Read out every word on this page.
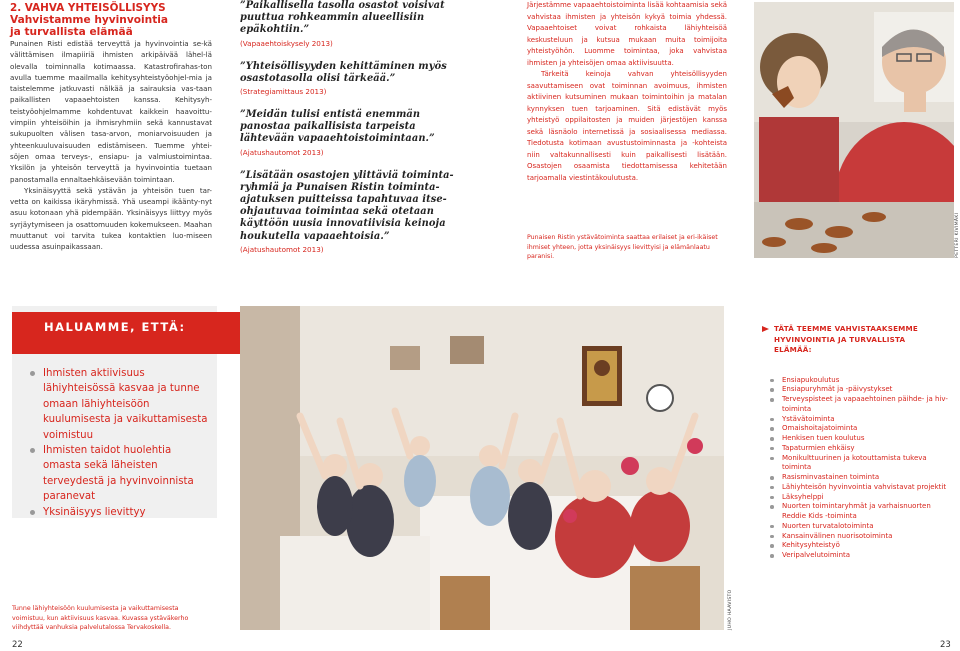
2. VAHVA YHTEISÖLLISYYS
Vahvistamme hyvinvointia
ja turvallista elämää

Punainen Risti edistää terveyttä ja hyvinvointia se-kä välittämisen ilmapiiriä ihmisten arkipäivää lähel-lä olevalla toiminnalla kotimaassa. Katastrofirahas-ton avulla tuemme maailmalla kehitysyhteistyöohjel-mia ja taistelemme jatkuvasti nälkää ja sairauksia vas-taan paikallisten vapaaehtoisten kanssa. Kehitysyh-teistyöohjelmamme kohdentuvat kaikkein haavoittu-vimpiin yhteisöihin ja ihmisryhmiin sekä kannustavat sukupuolten välisen tasa-arvon, moniarvoisuuden ja yhteenkuuluvaisuuden edistämiseen. Tuemme yhtei-söjen omaa terveys-, ensiapu- ja valmiustoimintaa. Yksilön ja yhteisön terveyttä ja hyvinvointia tuetaan panostamalla ennaltaehkäisevään toimintaan.

Yksinäisyyttä sekä ystävän ja yhteisön tuen tar-vetta on kaikissa ikäryhmissä. Yhä useampi ikäänty-nyt asuu kotonaan yhä pidempään. Yksinäisyys liittyy myös syrjäytymiseen ja osattomuuden kokemukseen. Maahan muuttanut voi tarvita tukea kontaktien luo-miseen uudessa asuinpaikassaan.

”Paikallisella tasolla osastot voisivat puuttua rohkeammin alueellisiin epäkohtiin.”
(Vapaaehtoiskysely 2013)
”Yhteisöllisyyden kehittäminen myös osastotasolla olisi tärkeää.”
(Strategiamittaus 2013)
”Meidän tulisi entistä enemmän panostaa paikallisista tarpeista lähtevään vapaaehtoistoimintaan.”
(Ajatushautomot 2013)
”Lisätään osastojen ylittäviä toiminta-ryhmiä ja Punaisen Ristin toiminta-ajatuksen puitteissa tapahtuvaa itse-ohjautuvaa toimintaa sekä otetaan käyttöön uusia innovatiivisia keinoja houkutella vapaaehtoisia.”
(Ajatushautomot 2013)

Järjestämme vapaaehtoistoiminta lisää kohtaamisia sekä vahvistaa ihmisten ja yhteisön kykyä toimia yhdessä. Vapaaehtoiset voivat rohkaista lähiyhteisöä keskusteluun ja kutsua mukaan muita toimijoita yhteistyöhön. Luomme toimintaa, joka vahvistaa ihmisten ja yhteisöjen omaa aktiivisuutta.

Tärkeitä keinoja vahvan yhteisöllisyyden saavuttamiseen ovat toiminnan avoimuus, ihmisten aktiivinen kutsuminen mukaan toimintoihin ja matalan kynnyksen tuen tarjoaminen. Sitä edistävät myös yhteistyö oppilaitosten ja muiden järjestöjen kanssa sekä läsnäolo internetissä ja sosiaalisessa mediassa. Tiedotusta kotimaan avustustoiminnasta ja -kohteista niin valtakunnallisesti kuin paikallisesti lisätään. Osastojen osaamista tiedottamisessa kehitetään tarjoamalla viestintäkoulutusta.

Punaisen Ristin ystävätoiminta saattaa erilaiset ja eri-ikäiset ihmiset yhteen, jotta yksinäisyys lievittyisi ja elämänlaatu paranisi.	PETTERI KIVIMÄKI
HALUAMME, ETTÄ:
Ihmisten aktiivisuus lähiyhteisössä kasvaa ja tunne omaan lähiyhteisöön kuulumisesta ja vaikuttamisesta voimistuu
Ihmisten taidot huolehtia omasta sekä läheisten terveydestä ja hyvinvoinnista paranevat
Yksinäisyys lievittyy
Tunne lähiyhteisöön kuulumisesta ja vaikuttamisesta voimistuu, kun aktiivisuus kasvaa. Kuvassa ystäväkerho viihdyttää vanhuksia palvelutalossa Tervakoskella.	JUHO HAAVISTO
TÄTÄ TEEMME VAHVISTAAKSEMME
HYVINVOINTIA JA TURVALLISTA
ELÄMÄÄ:
Ensiapukoulutus
Ensiapuryhmät ja -päivystykset
Terveyspisteet ja vapaaehtoinen päihde- ja hiv-toiminta
Ystävätoiminta
Omaishoitajatoiminta
Henkisen tuen koulutus
Tapaturmien ehkäisy
Monikulttuurinen ja kotouttamista tukeva toiminta
Rasisminvastainen toiminta
Lähiyhteisön hyvinvointia vahvistavat projektit
Läksyhelppi
Nuorten toimintaryhmät ja varhaisnuorten Reddie Kids -toiminta
Nuorten turvatalotoiminta
Kansainvälinen nuorisotoiminta
Kehitysyhteistyö
Veripalvelutoiminta
22	23
